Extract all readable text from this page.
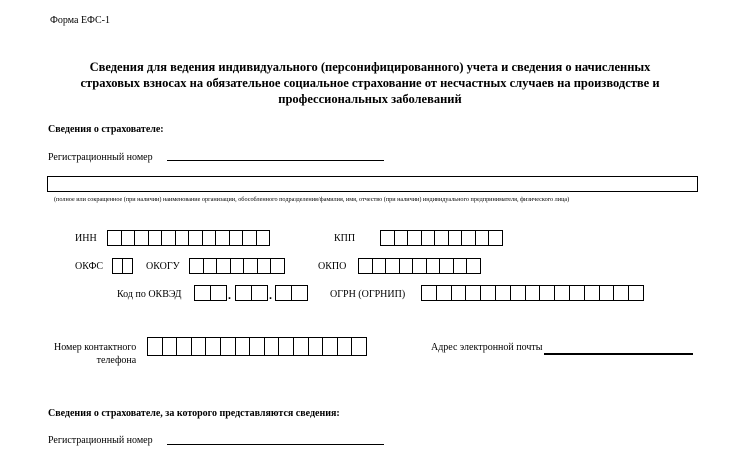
Форма ЕФС-1
Сведения для ведения индивидуального (персонифицированного) учета и сведения о начисленных
страховых взносах на обязательное социальное страхование от несчастных случаев на производстве и
профессиональных заболеваний
Сведения о страхователе:
Регистрационный номер
(полное или сокращенное (при наличии) наименование организации, обособленного подразделения/фамилия, имя, отчество (при наличии) индивидуального предпринимателя, физического лица)
ИНН	КПП
ОКФС	ОКОГУ	ОКПО
Код по ОКВЭД	.	.	ОГРН (ОГРНИП)
Номер контактного
телефона
Адрес электронной почты
Сведения о страхователе, за которого представляются сведения:
Регистрационный номер
